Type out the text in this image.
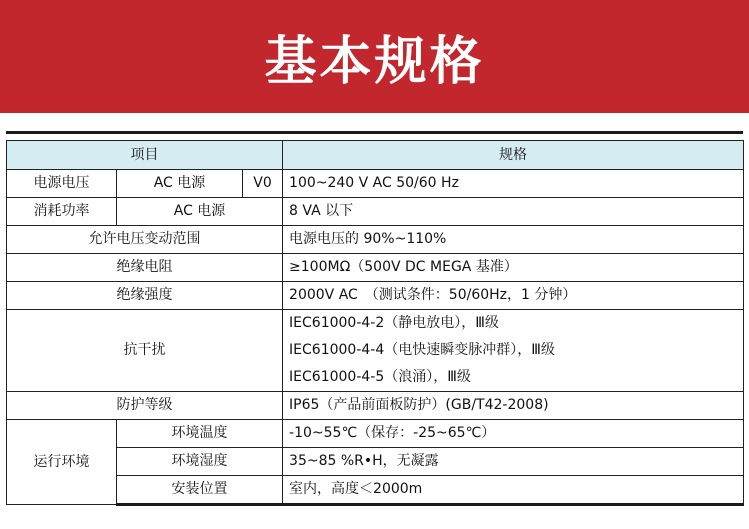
基本规格
项目			规格
电源电压	AC 电源	V0	100~240 V AC 50/60 Hz
消耗功率	AC 电源		8 VA 以下
允许电压变动范围			电源电压的 90%~110%
绝缘电阻			≥100MΩ（500V DC MEGA 基准）
绝缘强度			2000V AC　（测试条件：50/60Hz，1 分钟）
抗干扰			IEC61000-4-2（静电放电），Ⅲ级
IEC61000-4-4（电快速瞬变脉冲群），Ⅲ级
IEC61000-4-5（浪涌），Ⅲ级

防护等级			IP65（产品前面板防护）(GB/T42-2008)
运行环境	环境温度		-10~55℃（保存：-25~65℃）
	环境湿度		35~85 %R•H，无凝露
	安装位置		室内，高度＜2000m
